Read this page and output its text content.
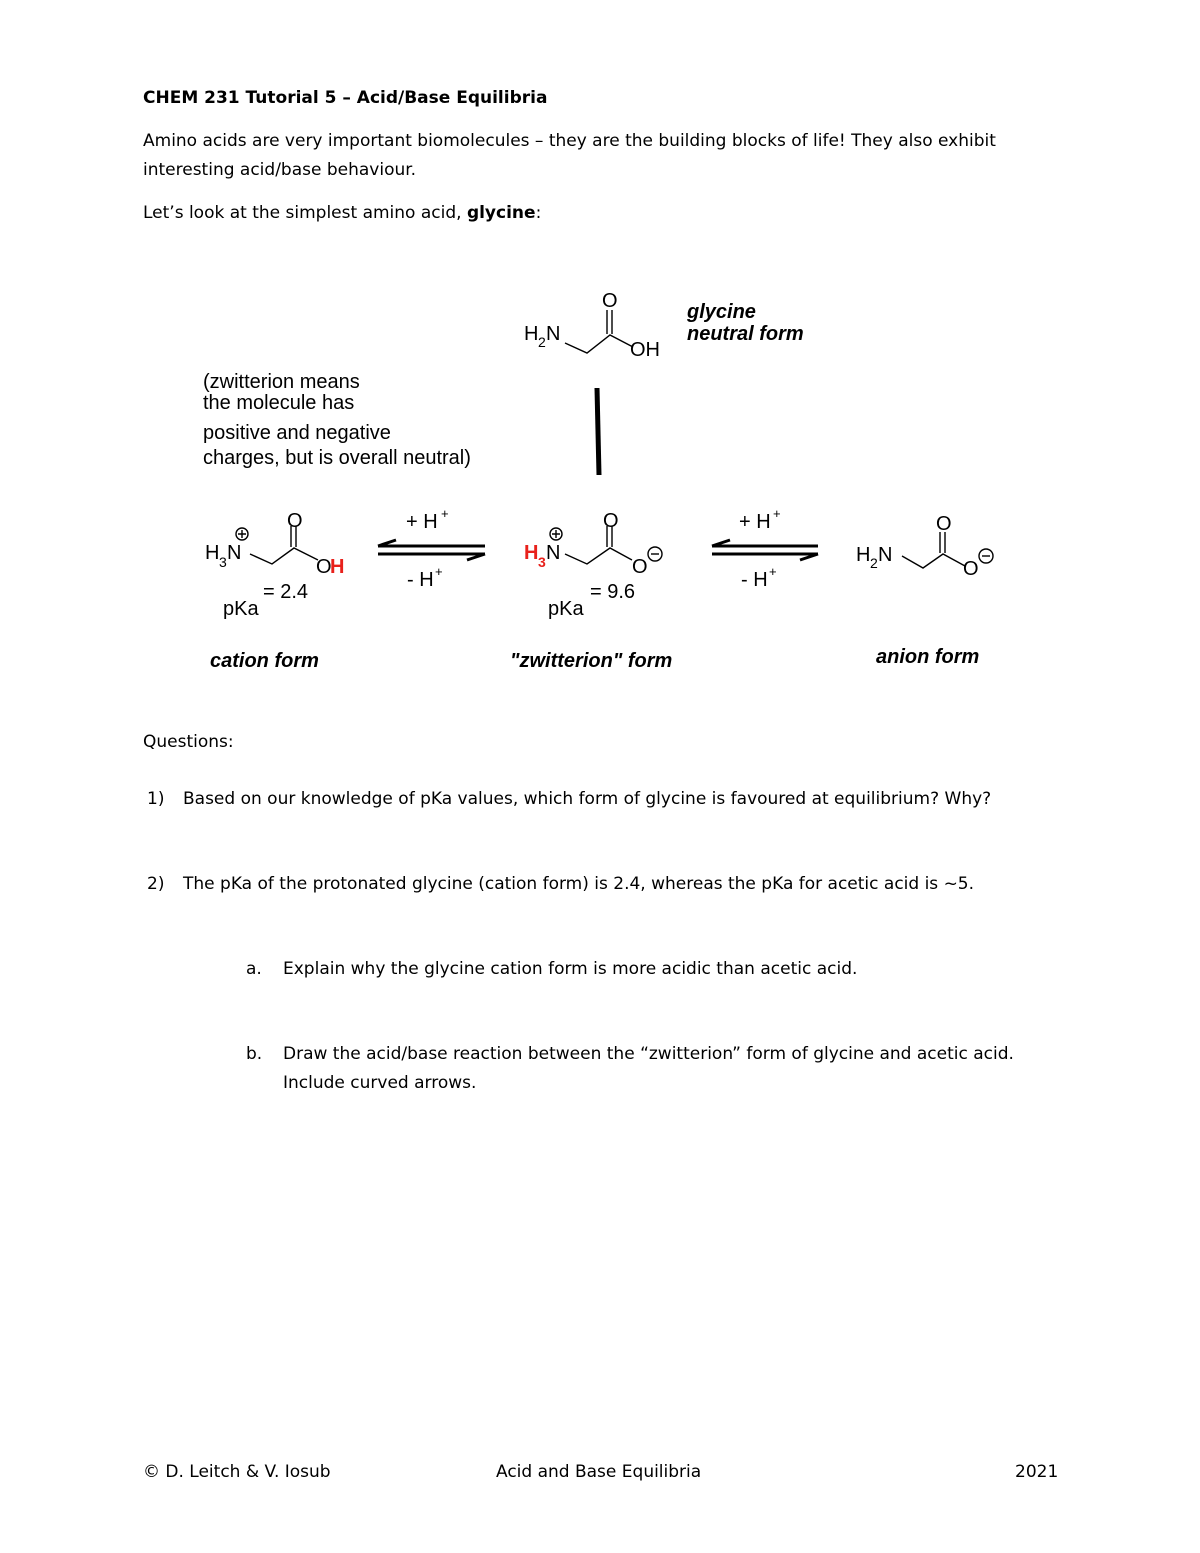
CHEM 231 Tutorial 5 – Acid/Base Equilibria
Amino acids are very important biomolecules – they are the building blocks of life! They also exhibit interesting acid/base behaviour.
Let’s look at the simplest amino acid, glycine:
O
H 2 N
OH
glycine
neutral form
(zwitterion means
the molecule has
positive and negative
charges, but is overall neutral)
O
H 3 N
O
H
= 2.4
pKa
cation form
+ H +
- H +
O
H 3 N
O
= 9.6
pKa
"zwitterion" form
+ H +
- H +
O
H 2 N
O
anion form
Questions:
1) Based on our knowledge of pKa values, which form of glycine is favoured at equilibrium? Why?
2) The pKa of the protonated glycine (cation form) is 2.4, whereas the pKa for acetic acid is ~5.
a. Explain why the glycine cation form is more acidic than acetic acid.
b. Draw the acid/base reaction between the “zwitterion” form of glycine and acetic acid.
Include curved arrows.
© D. Leitch & V. Iosub	Acid and Base Equilibria	2021
